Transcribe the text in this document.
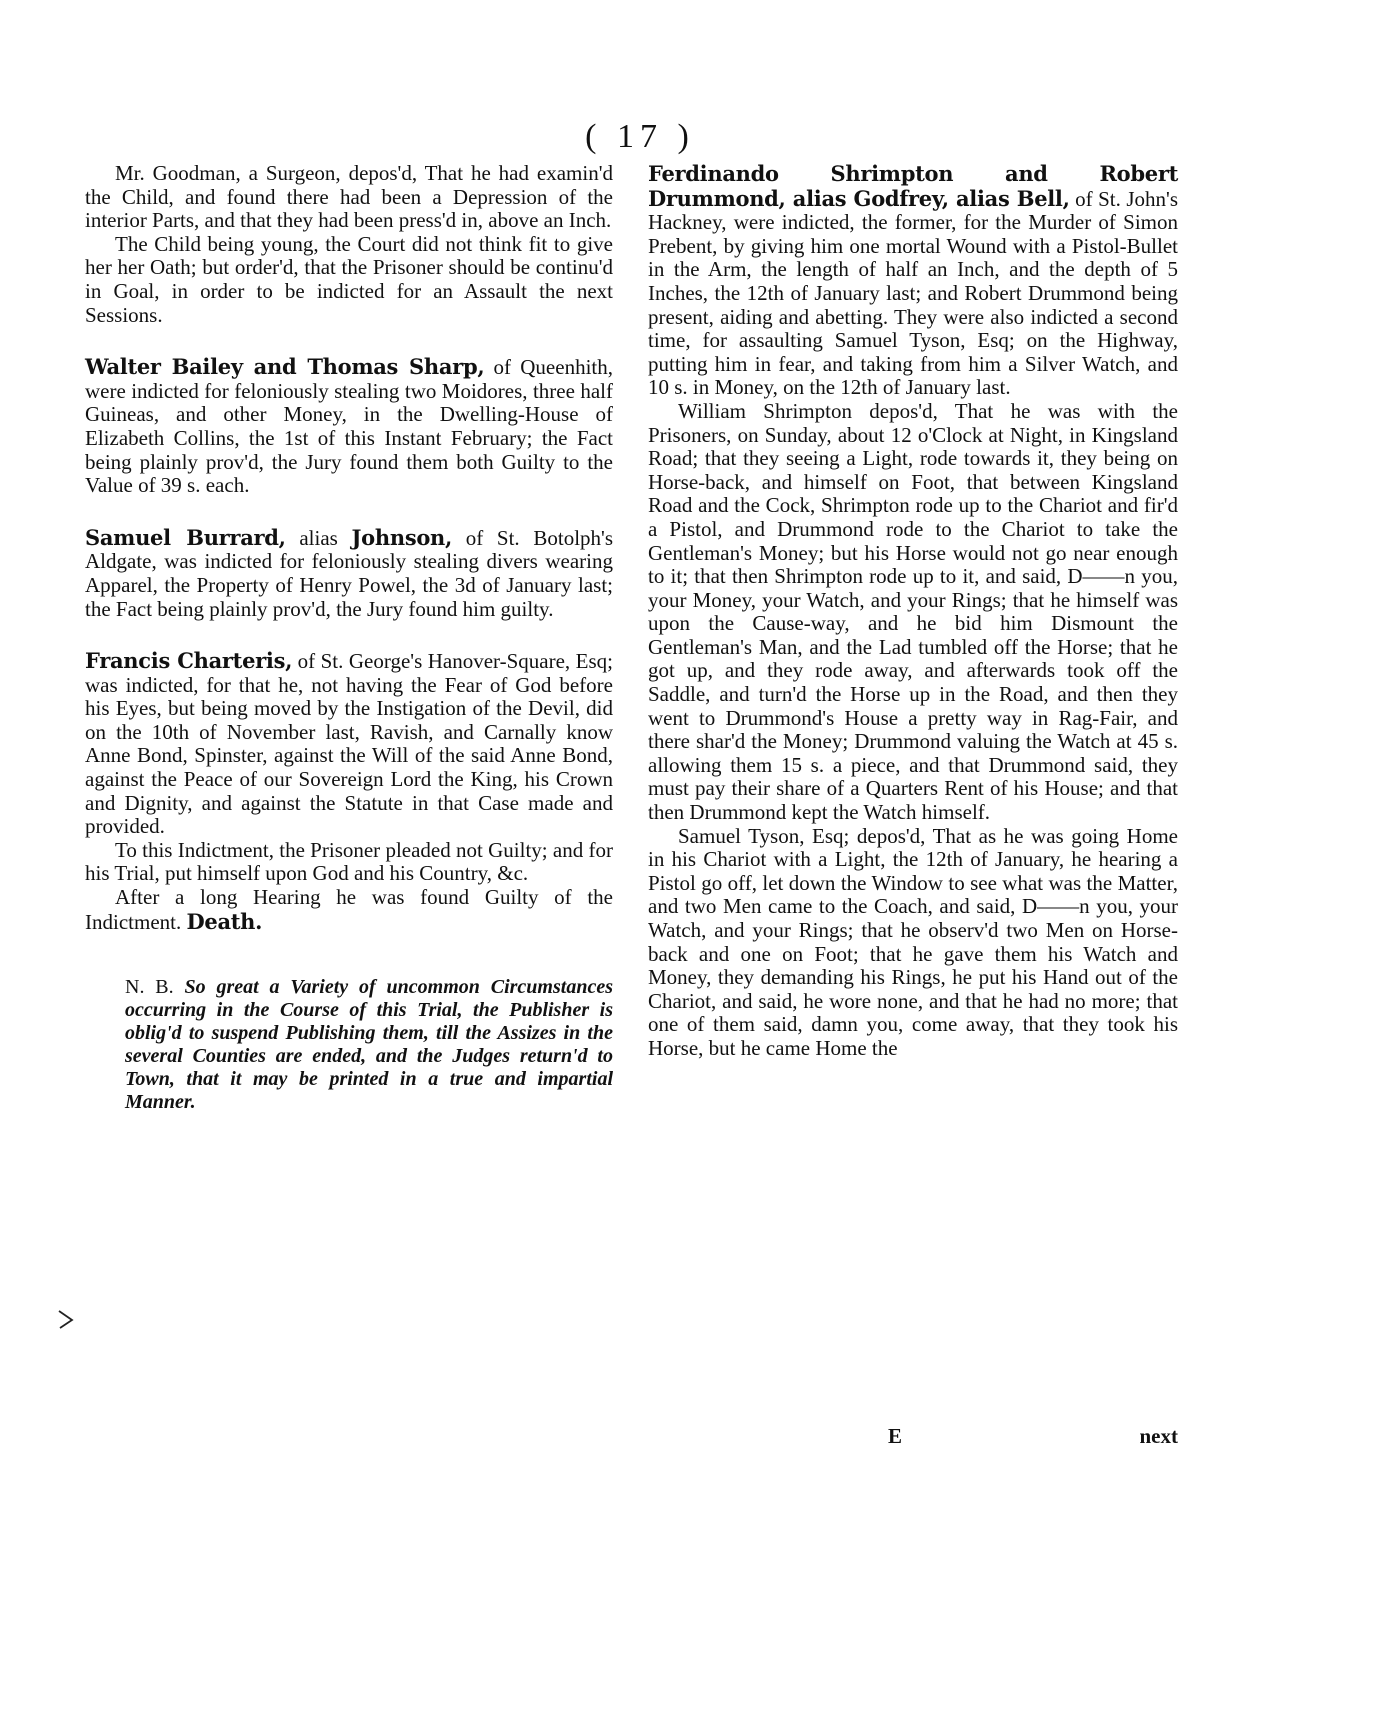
( 17 )

Mr. Goodman, a Surgeon, depos'd, That he had examin'd the Child, and found there had been a Depression of the interior Parts, and that they had been press'd in, above an Inch.

The Child being young, the Court did not think fit to give her her Oath; but order'd, that the Prisoner should be continu'd in Goal, in order to be indicted for an Assault the next Sessions.

Walter Bailey and Thomas Sharp, of Queenhith, were indicted for feloniously stealing two Moidores, three half Guineas, and other Money, in the Dwelling-House of Elizabeth Collins, the 1st of this Instant February; the Fact being plainly prov'd, the Jury found them both Guilty to the Value of 39 s. each.

Samuel Burrard, alias Johnson, of St. Botolph's Aldgate, was indicted for feloniously stealing divers wearing Apparel, the Property of Henry Powel, the 3d of January last; the Fact being plainly prov'd, the Jury found him guilty.

Francis Charteris, of St. George's Hanover-Square, Esq; was indicted, for that he, not having the Fear of God before his Eyes, but being moved by the Instigation of the Devil, did on the 10th of November last, Ravish, and Carnally know Anne Bond, Spinster, against the Will of the said Anne Bond, against the Peace of our Sovereign Lord the King, his Crown and Dignity, and against the Statute in that Case made and provided.

To this Indictment, the Prisoner pleaded not Guilty; and for his Trial, put himself upon God and his Country, &c.

After a long Hearing he was found Guilty of the Indictment. Death.

N. B. So great a Variety of uncommon Circumstances occurring in the Course of this Trial, the Publisher is oblig'd to suspend Publishing them, till the Assizes in the several Counties are ended, and the Judges return'd to Town, that it may be printed in a true and impartial Manner.

Ferdinando Shrimpton and Robert Drummond, alias Godfrey, alias Bell, of St. John's Hackney, were indicted, the former, for the Murder of Simon Prebent, by giving him one mortal Wound with a Pistol-Bullet in the Arm, the length of half an Inch, and the depth of 5 Inches, the 12th of January last; and Robert Drummond being present, aiding and abetting. They were also indicted a second time, for assaulting Samuel Tyson, Esq; on the Highway, putting him in fear, and taking from him a Silver Watch, and 10 s. in Money, on the 12th of January last.

William Shrimpton depos'd, That he was with the Prisoners, on Sunday, about 12 o'Clock at Night, in Kingsland Road; that they seeing a Light, rode towards it, they being on Horse-back, and himself on Foot, that between Kingsland Road and the Cock, Shrimpton rode up to the Chariot and fir'd a Pistol, and Drummond rode to the Chariot to take the Gentleman's Money; but his Horse would not go near enough to it; that then Shrimpton rode up to it, and said, D——n you, your Money, your Watch, and your Rings; that he himself was upon the Cause-way, and he bid him Dismount the Gentleman's Man, and the Lad tumbled off the Horse; that he got up, and they rode away, and afterwards took off the Saddle, and turn'd the Horse up in the Road, and then they went to Drummond's House a pretty way in Rag-Fair, and there shar'd the Money; Drummond valuing the Watch at 45 s. allowing them 15 s. a piece, and that Drummond said, they must pay their share of a Quarters Rent of his House; and that then Drummond kept the Watch himself.

Samuel Tyson, Esq; depos'd, That as he was going Home in his Chariot with a Light, the 12th of January, he hearing a Pistol go off, let down the Window to see what was the Matter, and two Men came to the Coach, and said, D——n you, your Watch, and your Rings; that he observ'd two Men on Horse-back and one on Foot; that he gave them his Watch and Money, they demanding his Rings, he put his Hand out of the Chariot, and said, he wore none, and that he had no more; that one of them said, damn you, come away, that they took his Horse, but he came Home the

E	next
